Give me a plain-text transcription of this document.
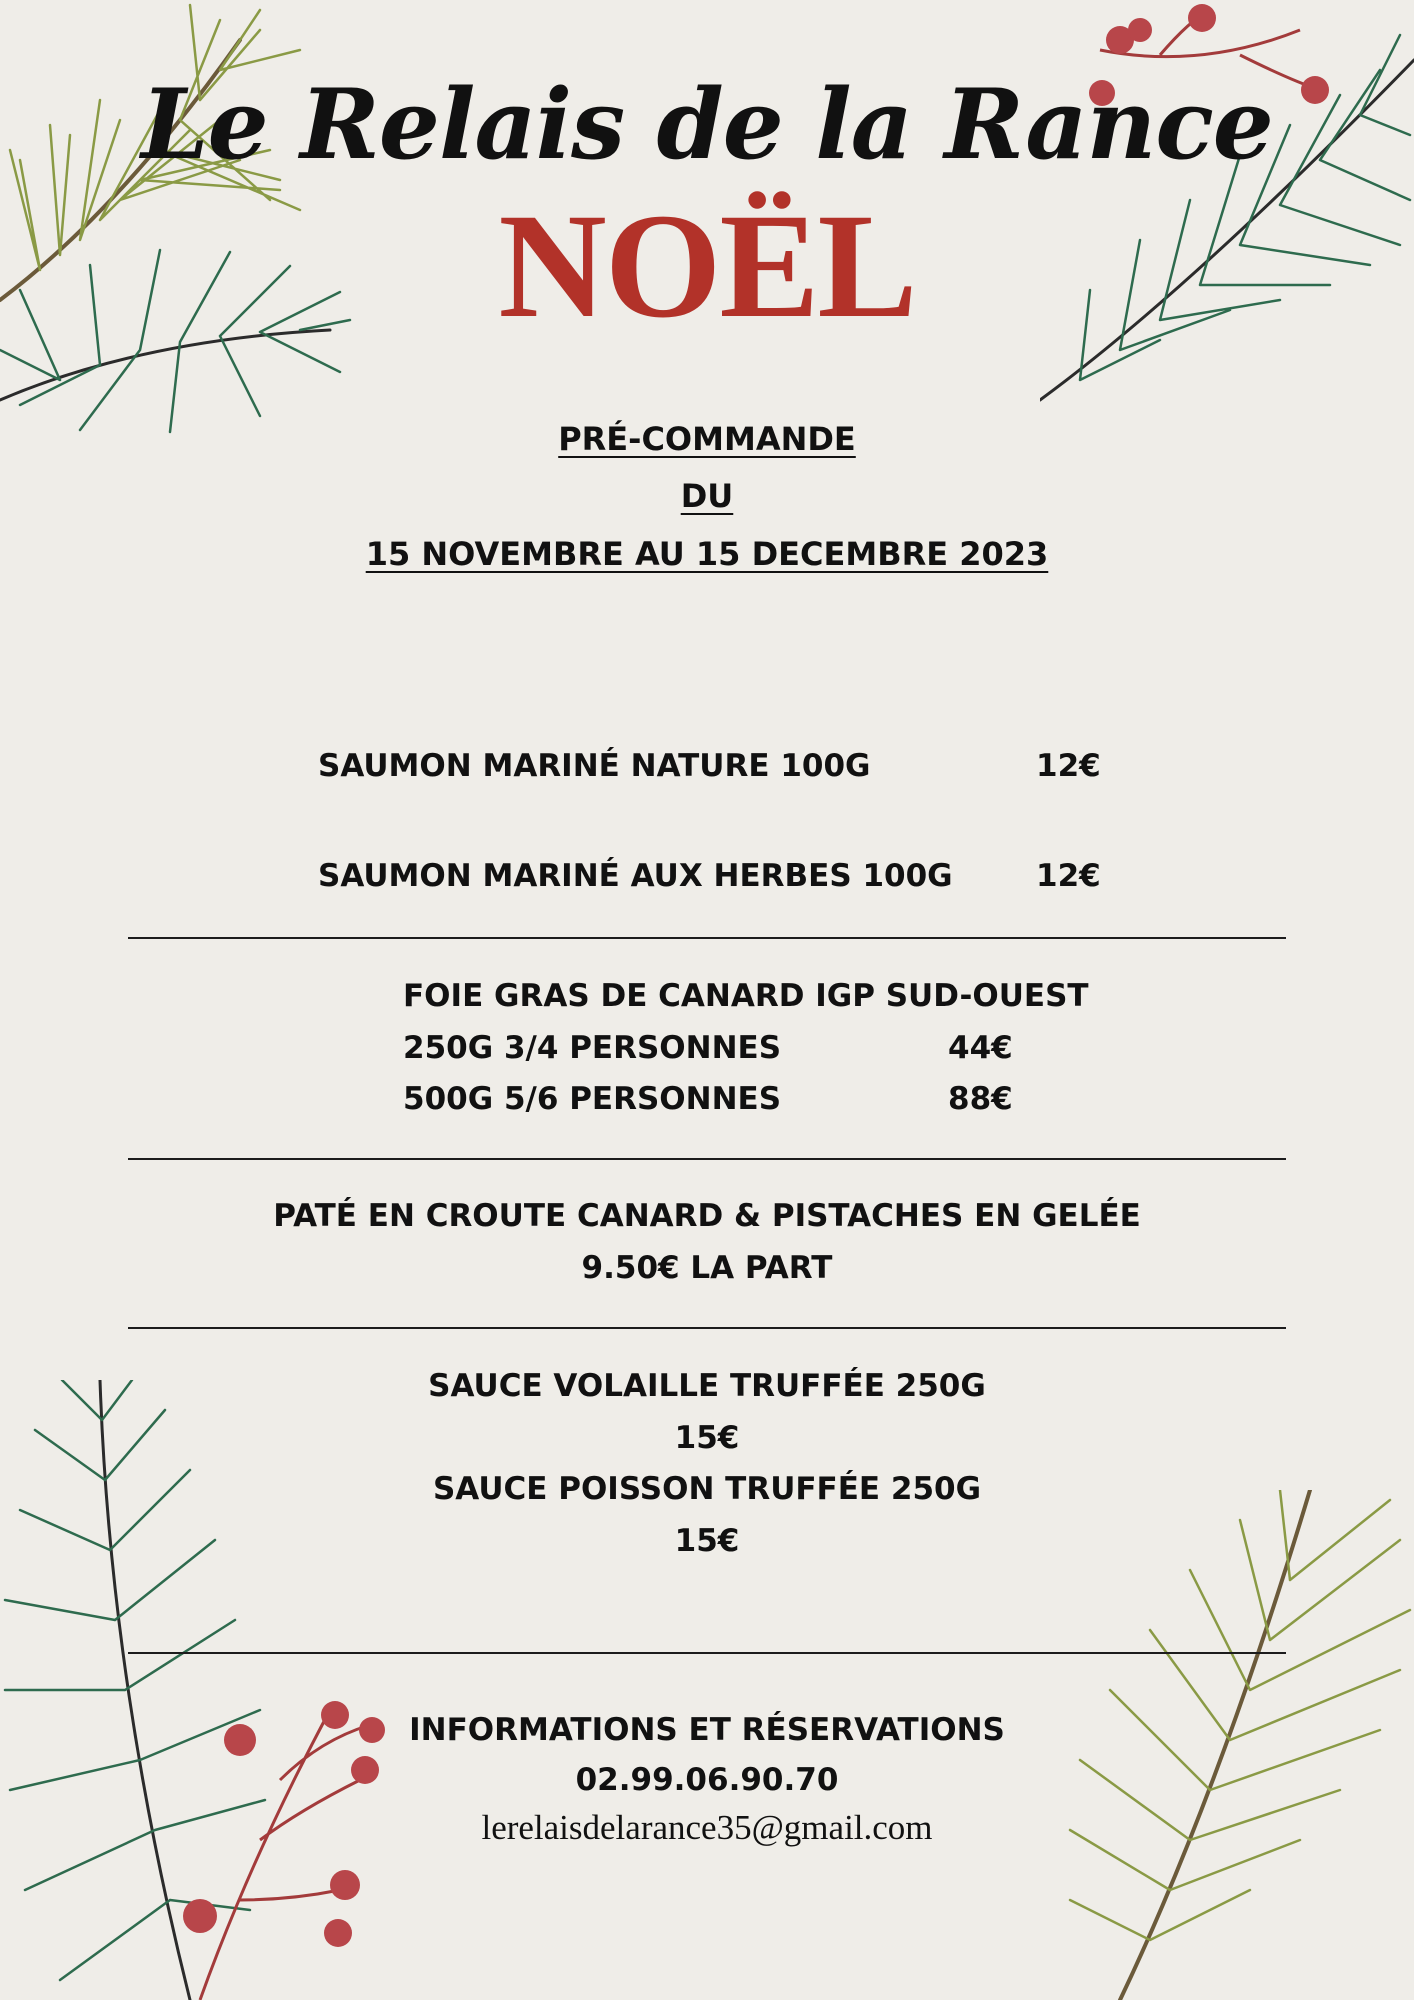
Le Relais de la Rance
NOËL
PRÉ-COMMANDE
DU
15 NOVEMBRE AU 15 DECEMBRE 2023
SAUMON MARINÉ NATURE 100G	12€
SAUMON MARINÉ AUX HERBES 100G	12€
FOIE GRAS DE CANARD IGP SUD-OUEST
250G 3/4 PERSONNES	44€
500G 5/6 PERSONNES	88€
PATÉ EN CROUTE CANARD & PISTACHES EN GELÉE
9.50€ LA PART
SAUCE VOLAILLE TRUFFÉE 250G
15€
SAUCE POISSON TRUFFÉE 250G
15€
INFORMATIONS ET RÉSERVATIONS
02.99.06.90.70
lerelaisdelarance35@gmail.com
